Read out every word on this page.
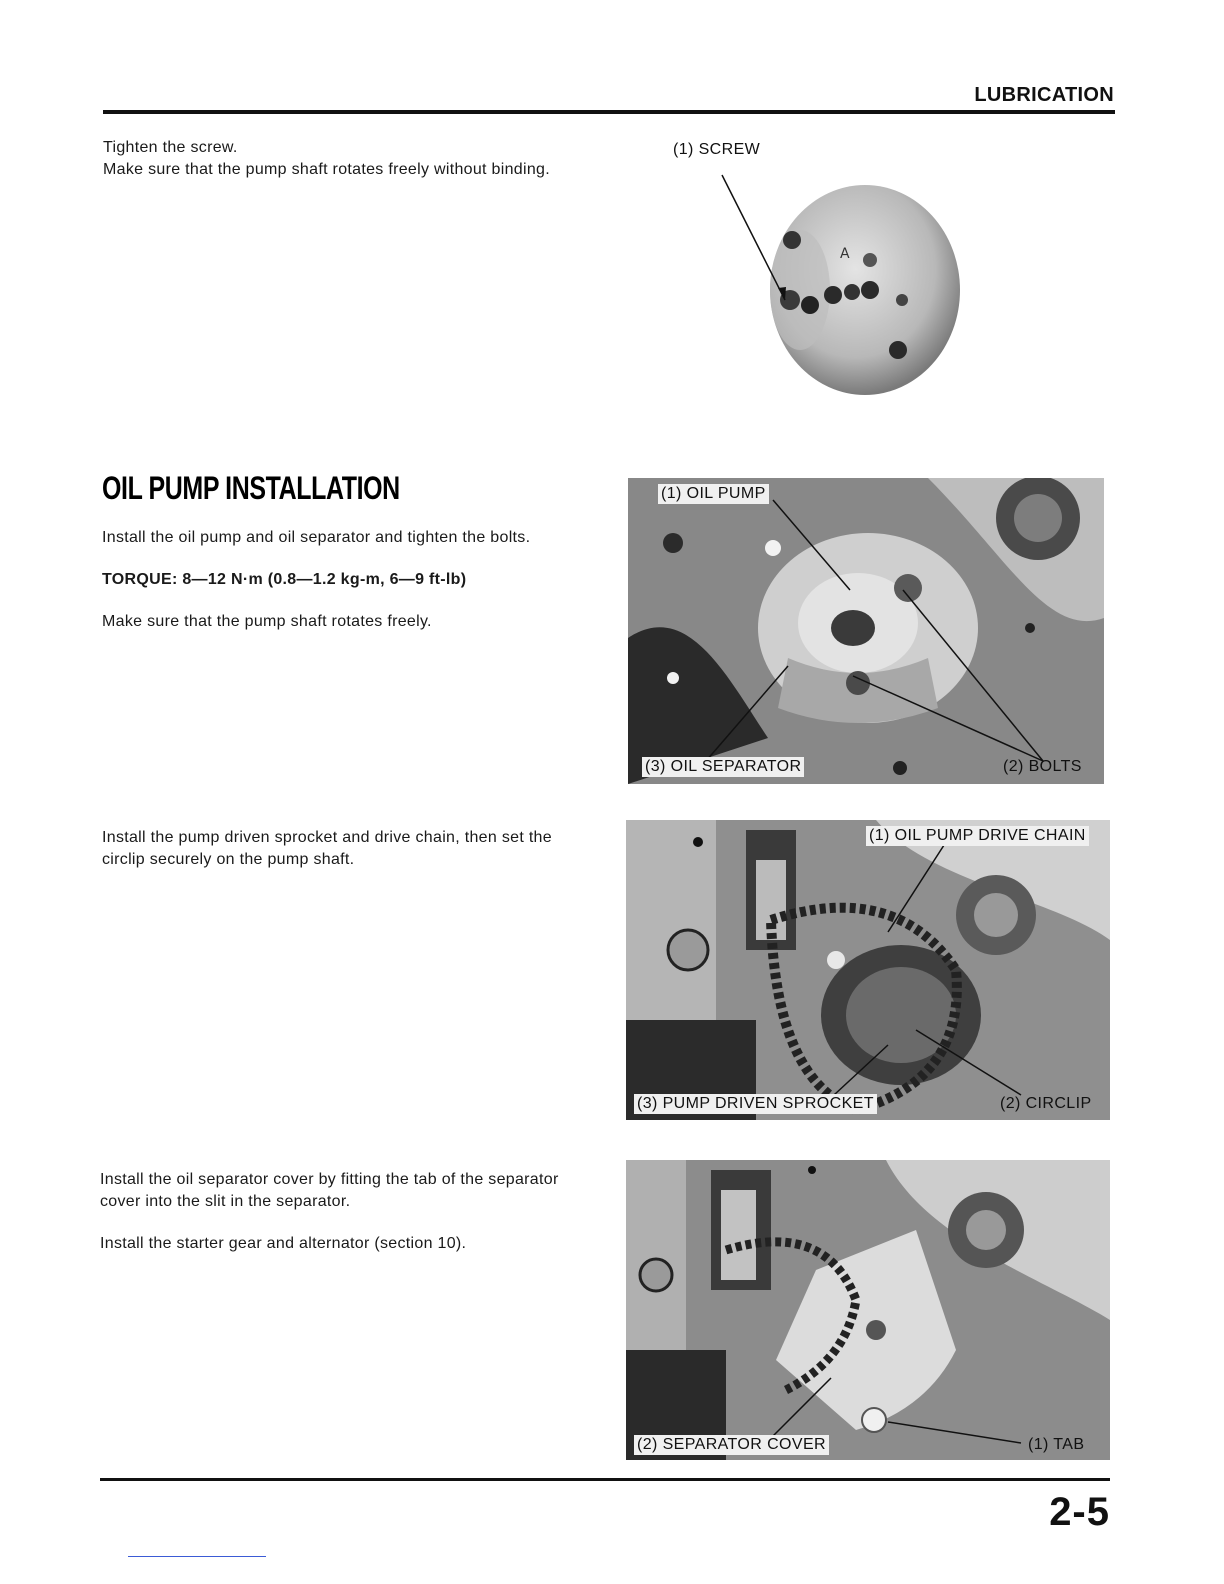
LUBRICATION

Tighten the screw.

Make sure that the pump shaft rotates freely without binding.

(1) SCREW
A
OIL PUMP INSTALLATION

Install the oil pump and oil separator and tighten the bolts.

TORQUE: 8—12 N·m (0.8—1.2 kg-m, 6—9 ft-lb)

Make sure that the pump shaft rotates freely.

(1) OIL PUMP
(2) BOLTS
(3) OIL SEPARATOR

Install the pump driven sprocket and drive chain, then set the

circlip securely on the pump shaft.

(1) OIL PUMP DRIVE CHAIN
(2) CIRCLIP
(3) PUMP DRIVEN SPROCKET

Install the oil separator cover by fitting the tab of the separator

cover into the slit in the separator.

Install the starter gear and alternator (section 10).

(1) TAB
(2) SEPARATOR COVER
2-5
